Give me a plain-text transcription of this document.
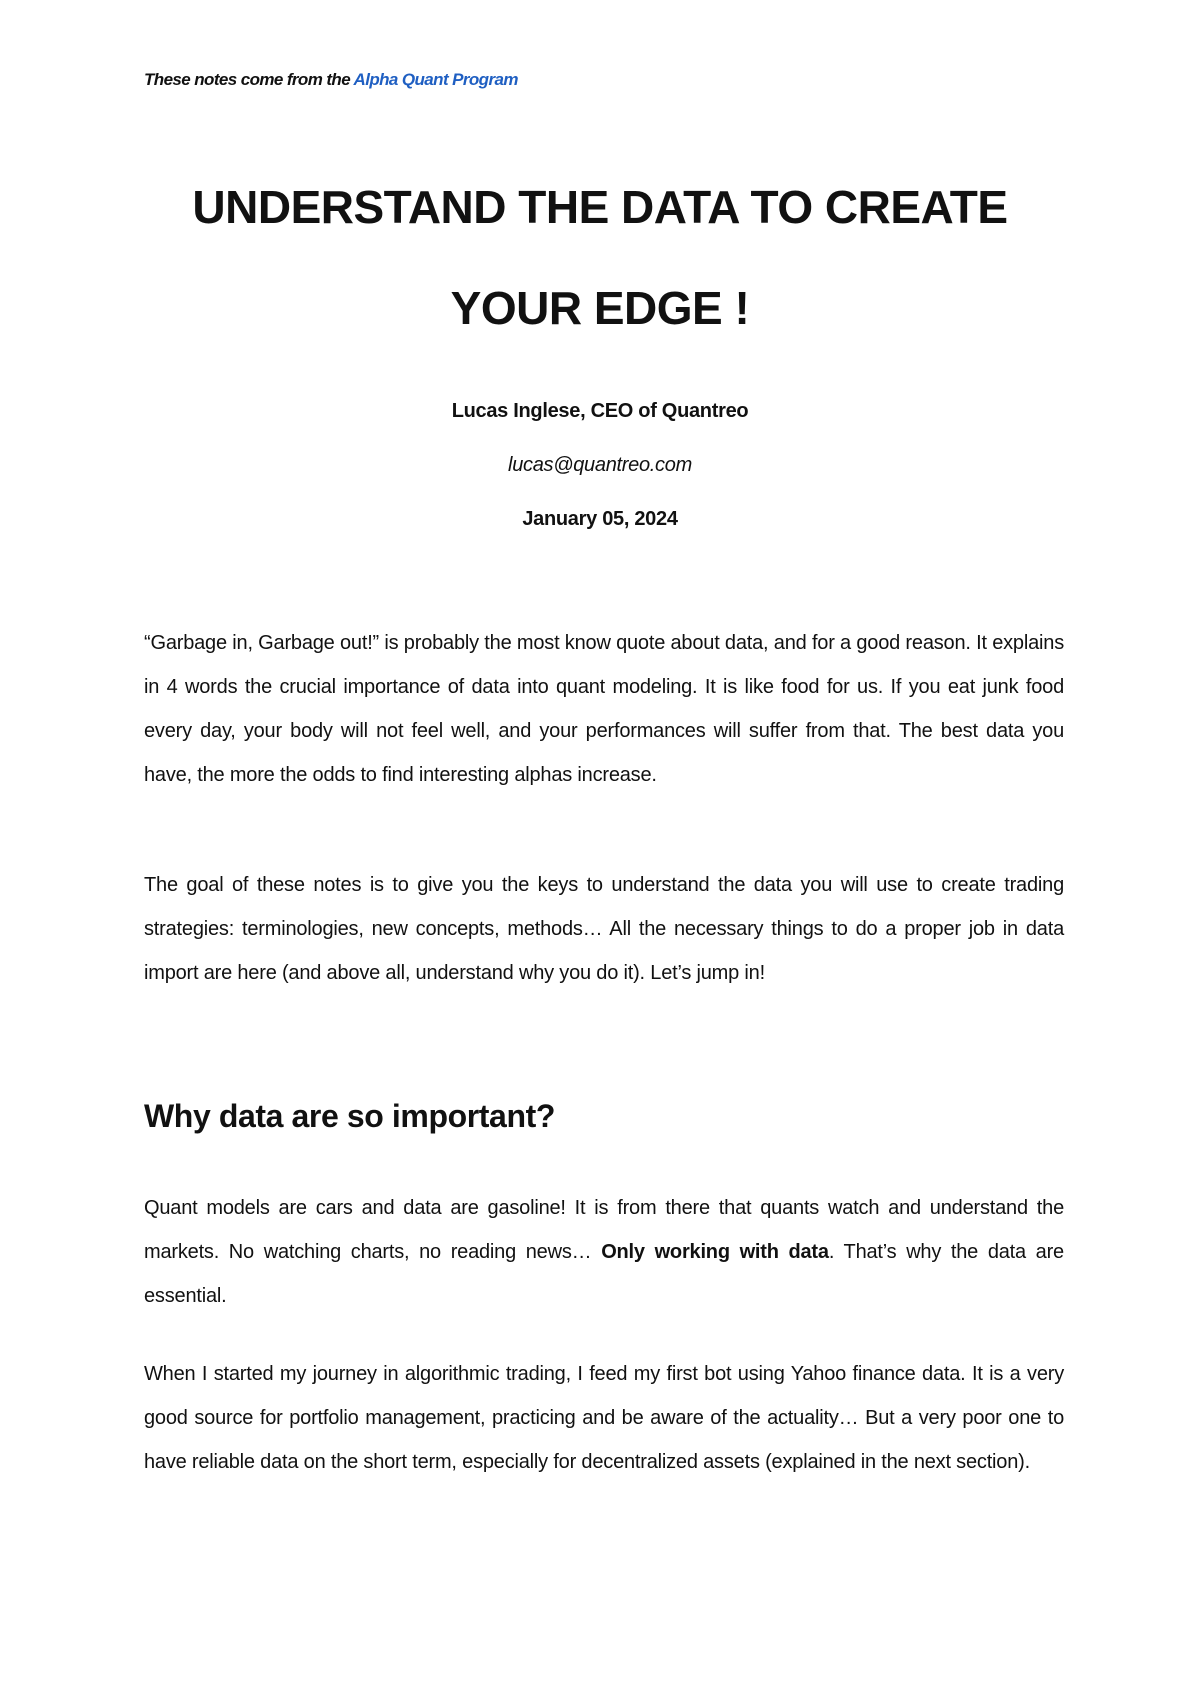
These notes come from the Alpha Quant Program
UNDERSTAND THE DATA TO CREATE
YOUR EDGE !
Lucas Inglese, CEO of Quantreo
lucas@quantreo.com
January 05, 2024

“Garbage in, Garbage out!” is probably the most know quote about data, and for a good reason. It explains in 4 words the crucial importance of data into quant modeling. It is like food for us. If you eat junk food every day, your body will not feel well, and your performances will suffer from that. The best data you have, the more the odds to find interesting alphas increase.

The goal of these notes is to give you the keys to understand the data you will use to create trading strategies: terminologies, new concepts, methods… All the necessary things to do a proper job in data import are here (and above all, understand why you do it). Let’s jump in!

Why data are so important?

Quant models are cars and data are gasoline! It is from there that quants watch and understand the markets. No watching charts, no reading news… Only working with data. That’s why the data are essential.

When I started my journey in algorithmic trading, I feed my first bot using Yahoo finance data. It is a very good source for portfolio management, practicing and be aware of the actuality… But a very poor one to have reliable data on the short term, especially for decentralized assets (explained in the next section).
